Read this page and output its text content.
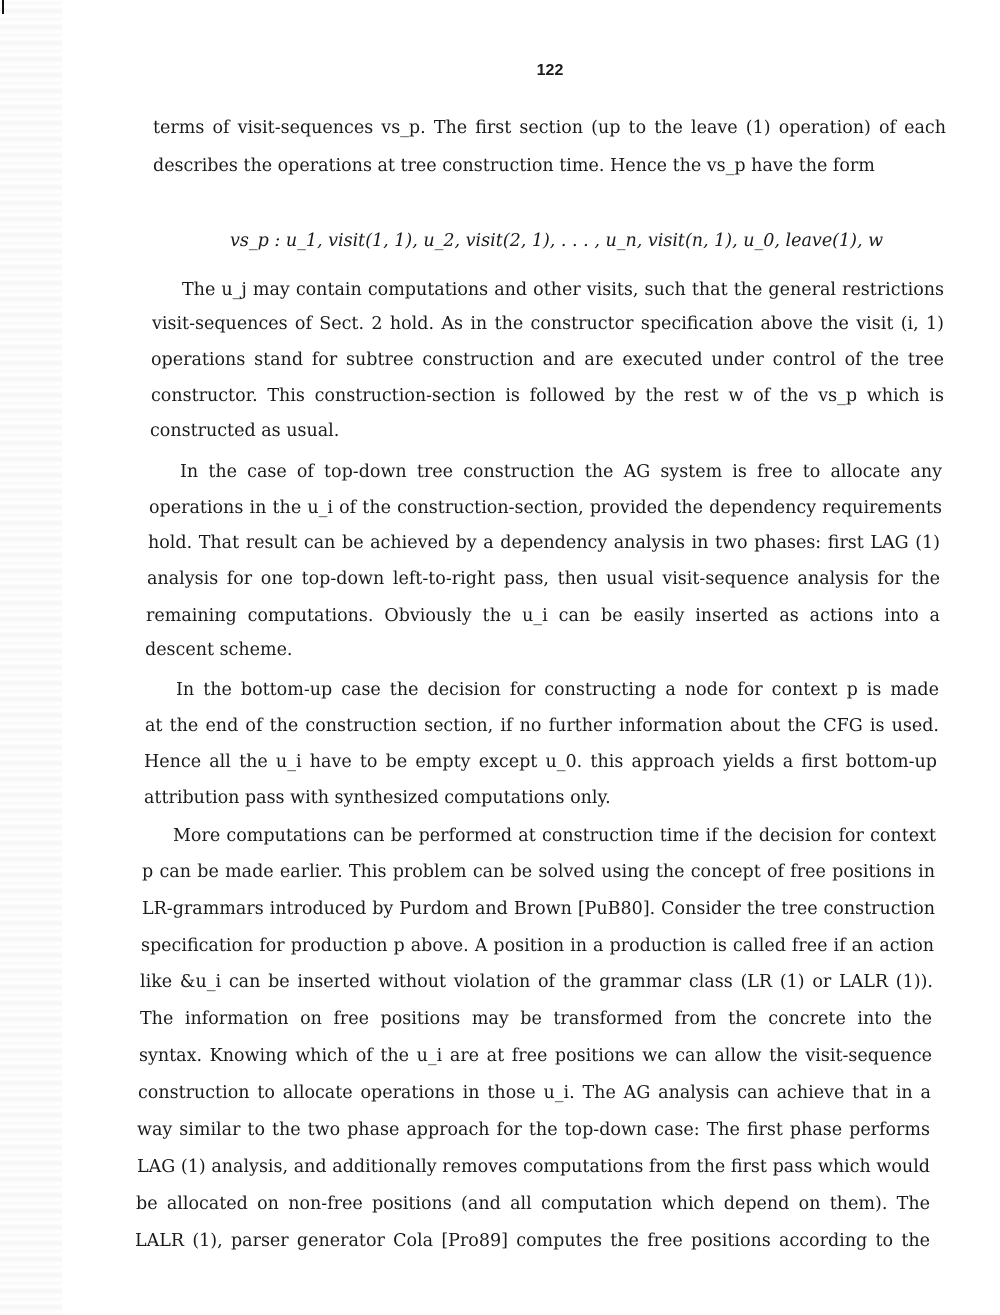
122
terms of visit-sequences vs_p. The first section (up to the leave (1) operation) of each
describes the operations at tree construction time. Hence the vs_p have the form
vs_p : u_1, visit(1, 1), u_2, visit(2, 1), . . . , u_n, visit(n, 1), u_0, leave(1), w
The u_j may contain computations and other visits, such that the general restrictions
visit-sequences of Sect. 2 hold. As in the constructor specification above the visit (i, 1)
operations stand for subtree construction and are executed under control of the tree
constructor. This construction-section is followed by the rest w of the vs_p which is
constructed as usual.
In the case of top-down tree construction the AG system is free to allocate any
operations in the u_i of the construction-section, provided the dependency requirements
hold. That result can be achieved by a dependency analysis in two phases: first LAG (1)
analysis for one top-down left-to-right pass, then usual visit-sequence analysis for the
remaining computations. Obviously the u_i can be easily inserted as actions into a
descent scheme.
In the bottom-up case the decision for constructing a node for context p is made
at the end of the construction section, if no further information about the CFG is used.
Hence all the u_i have to be empty except u_0. this approach yields a first bottom-up
attribution pass with synthesized computations only.
More computations can be performed at construction time if the decision for context
p can be made earlier. This problem can be solved using the concept of free positions in
LR-grammars introduced by Purdom and Brown [PuB80]. Consider the tree construction
specification for production p above. A position in a production is called free if an action
like &u_i can be inserted without violation of the grammar class (LR (1) or LALR (1)).
The information on free positions may be transformed from the concrete into the
syntax. Knowing which of the u_i are at free positions we can allow the visit-sequence
construction to allocate operations in those u_i. The AG analysis can achieve that in a
way similar to the two phase approach for the top-down case: The first phase performs
LAG (1) analysis, and additionally removes computations from the first pass which would
be allocated on non-free positions (and all computation which depend on them). The
LALR (1), parser generator Cola [Pro89] computes the free positions according to the
